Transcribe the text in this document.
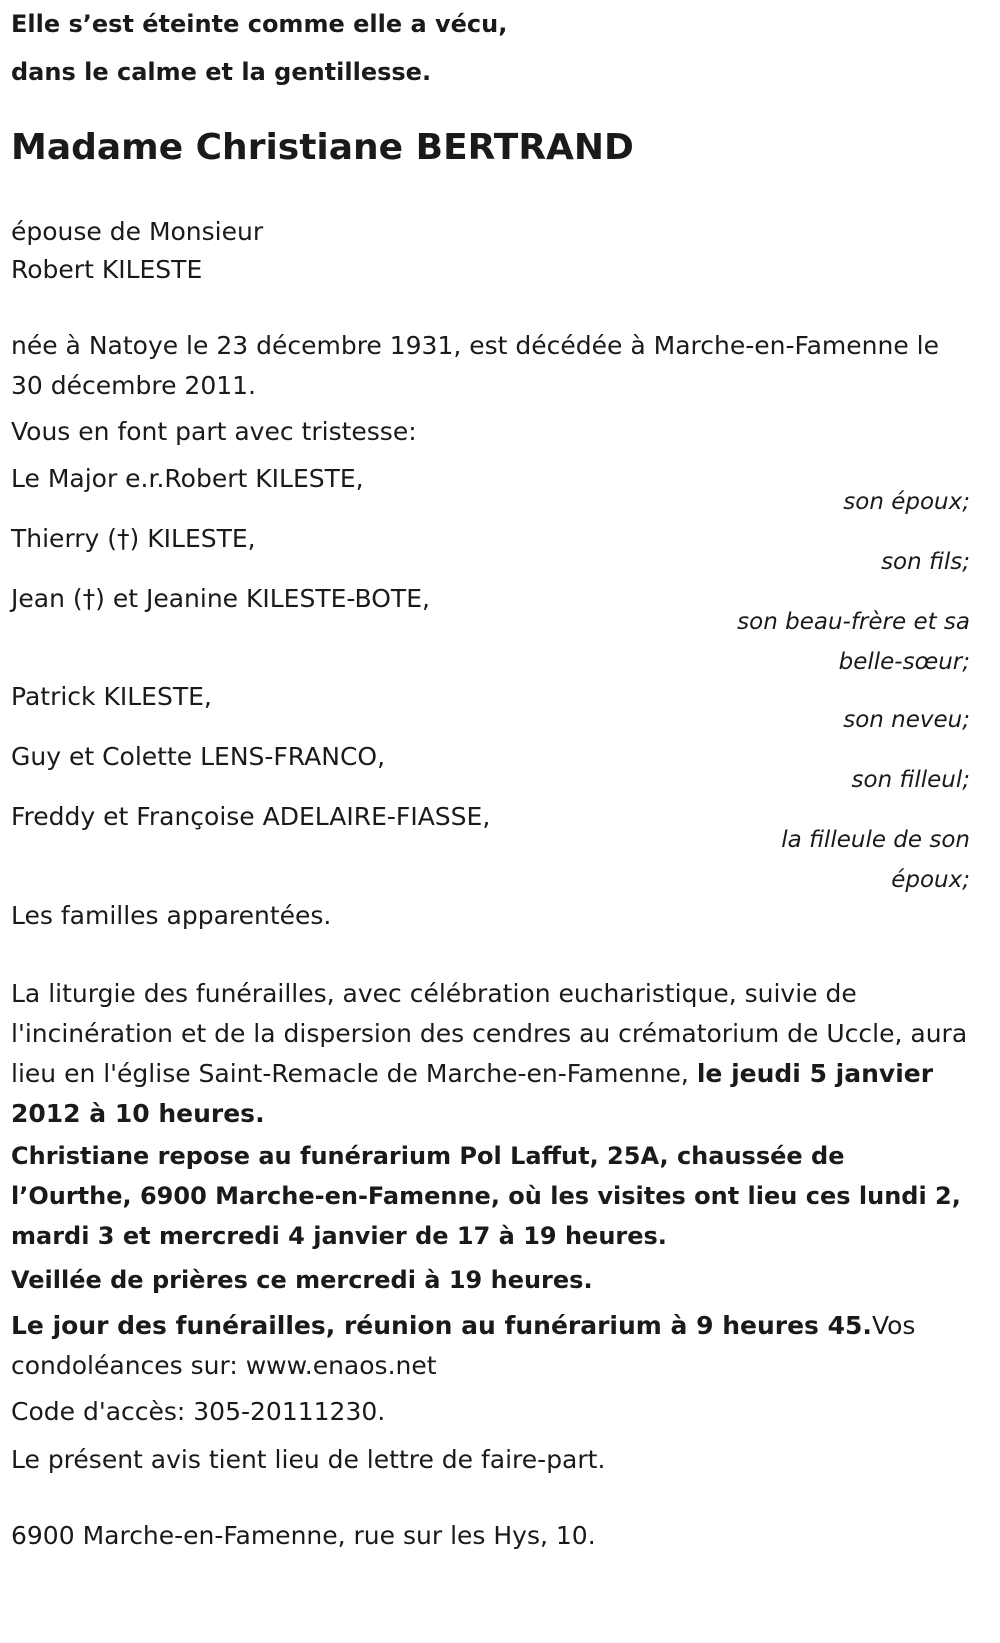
Elle s’est éteinte comme elle a vécu,
dans le calme et la gentillesse.
Madame Christiane BERTRAND
épouse de Monsieur
Robert KILESTE
née à Natoye le 23 décembre 1931, est décédée à Marche-en-Famenne le 30 décembre 2011.
Vous en font part avec tristesse:
Le Major e.r.Robert KILESTE,
son époux;
Thierry (†) KILESTE,
son fils;
Jean (†) et Jeanine KILESTE-BOTE,
son beau-frère et sa belle-sœur;
Patrick KILESTE,
son neveu;
Guy et Colette LENS-FRANCO,
son filleul;
Freddy et Françoise ADELAIRE-FIASSE,
la filleule de son époux;
Les familles apparentées.
La liturgie des funérailles, avec célébration eucharistique, suivie de l'incinération et de la dispersion des cendres au crématorium de Uccle, aura lieu en l'église Saint-Remacle de Marche-en-Famenne, le jeudi 5 janvier 2012 à 10 heures.
Christiane repose au funérarium Pol Laffut, 25A, chaussée de l’Ourthe, 6900 Marche-en-Famenne, où les visites ont lieu ces lundi 2, mardi 3 et mercredi 4 janvier de 17 à 19 heures.
Veillée de prières ce mercredi à 19 heures.
Le jour des funérailles, réunion au funérarium à 9 heures 45.Vos condoléances sur: www.enaos.net
Code d'accès: 305-20111230.
Le présent avis tient lieu de lettre de faire-part.
6900 Marche-en-Famenne, rue sur les Hys, 10.
